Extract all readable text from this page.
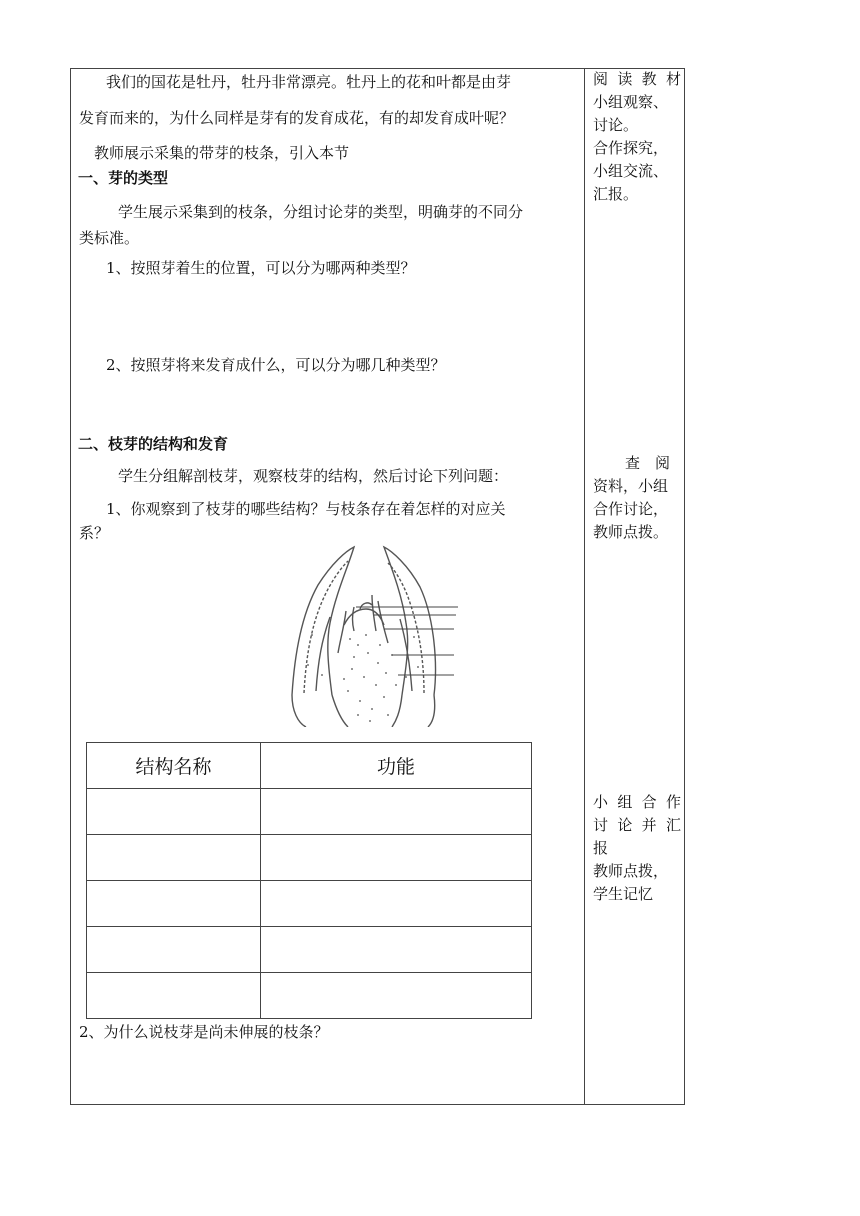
我们的国花是牡丹，牡丹非常漂亮。牡丹上的花和叶都是由芽
发育而来的，为什么同样是芽有的发育成花，有的却发育成叶呢？
教师展示采集的带芽的枝条，引入本节
一、芽的类型
学生展示采集到的枝条，分组讨论芽的类型，明确芽的不同分
类标准。
1、按照芽着生的位置，可以分为哪两种类型？
2、按照芽将来发育成什么，可以分为哪几种类型？
二、枝芽的结构和发育
学生分组解剖枝芽，观察枝芽的结构，然后讨论下列问题：
1、你观察到了枝芽的哪些结构？与枝条存在着怎样的对应关
系？
结构名称	功能

2、为什么说枝芽是尚未伸展的枝条？
阅读教材
小组观察、
讨论。
合作探究，
小组交流、
汇报。
查　阅
资料，小组
合作讨论，
教师点拨。
小组合作
讨论并汇
报
教师点拨，
学生记忆
